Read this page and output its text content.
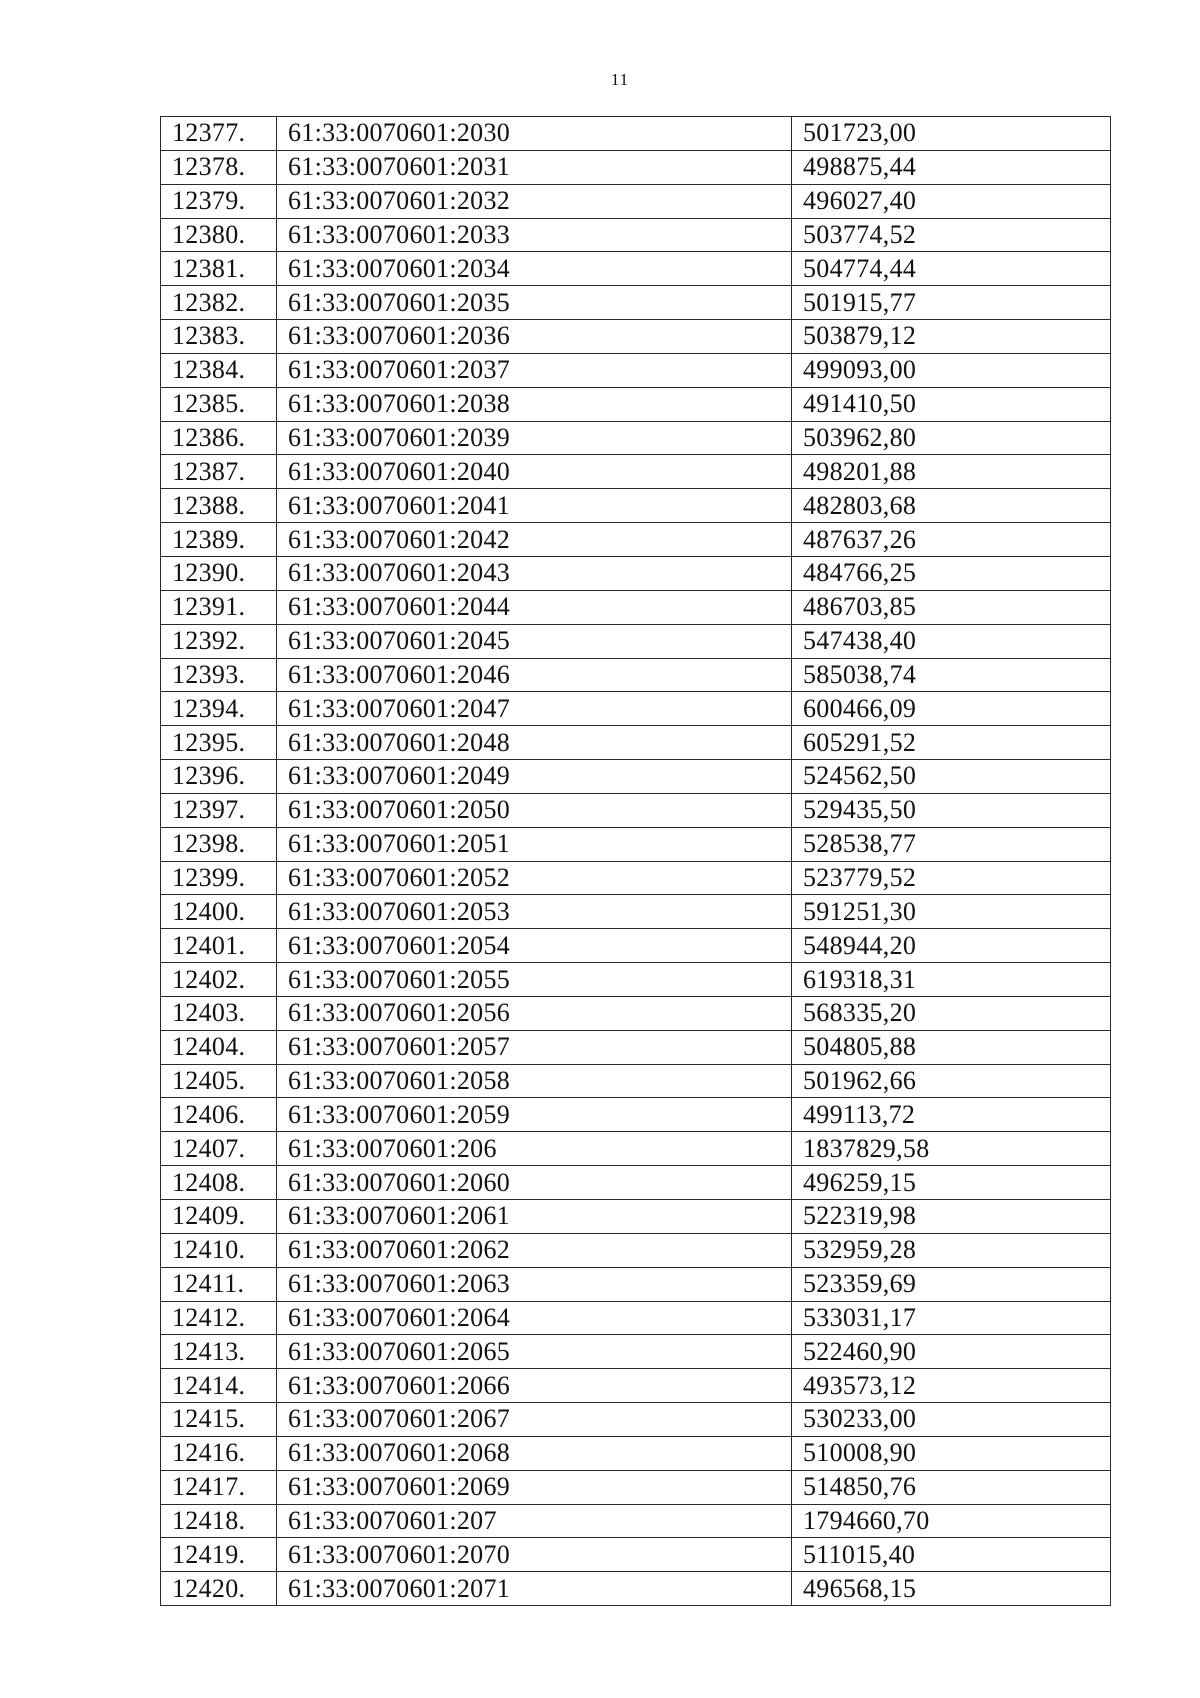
11
12377.	61:33:0070601:2030	501723,00
12378.	61:33:0070601:2031	498875,44
12379.	61:33:0070601:2032	496027,40
12380.	61:33:0070601:2033	503774,52
12381.	61:33:0070601:2034	504774,44
12382.	61:33:0070601:2035	501915,77
12383.	61:33:0070601:2036	503879,12
12384.	61:33:0070601:2037	499093,00
12385.	61:33:0070601:2038	491410,50
12386.	61:33:0070601:2039	503962,80
12387.	61:33:0070601:2040	498201,88
12388.	61:33:0070601:2041	482803,68
12389.	61:33:0070601:2042	487637,26
12390.	61:33:0070601:2043	484766,25
12391.	61:33:0070601:2044	486703,85
12392.	61:33:0070601:2045	547438,40
12393.	61:33:0070601:2046	585038,74
12394.	61:33:0070601:2047	600466,09
12395.	61:33:0070601:2048	605291,52
12396.	61:33:0070601:2049	524562,50
12397.	61:33:0070601:2050	529435,50
12398.	61:33:0070601:2051	528538,77
12399.	61:33:0070601:2052	523779,52
12400.	61:33:0070601:2053	591251,30
12401.	61:33:0070601:2054	548944,20
12402.	61:33:0070601:2055	619318,31
12403.	61:33:0070601:2056	568335,20
12404.	61:33:0070601:2057	504805,88
12405.	61:33:0070601:2058	501962,66
12406.	61:33:0070601:2059	499113,72
12407.	61:33:0070601:206	1837829,58
12408.	61:33:0070601:2060	496259,15
12409.	61:33:0070601:2061	522319,98
12410.	61:33:0070601:2062	532959,28
12411.	61:33:0070601:2063	523359,69
12412.	61:33:0070601:2064	533031,17
12413.	61:33:0070601:2065	522460,90
12414.	61:33:0070601:2066	493573,12
12415.	61:33:0070601:2067	530233,00
12416.	61:33:0070601:2068	510008,90
12417.	61:33:0070601:2069	514850,76
12418.	61:33:0070601:207	1794660,70
12419.	61:33:0070601:2070	511015,40
12420.	61:33:0070601:2071	496568,15
